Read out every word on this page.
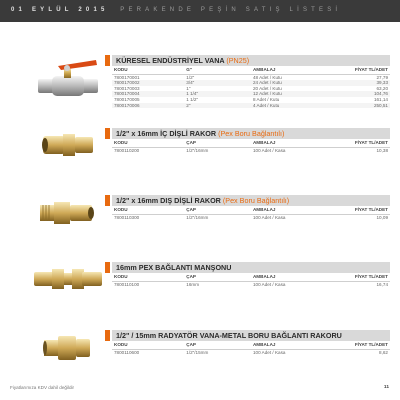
01 EYLÜL 2015 PERAKENDE PEŞİN SATIŞ LİSTESİ
KÜRESEL ENDÜSTRİYEL VANA (PN25)
KODU	G"	AMBALAJ	FİYAT TL/ADET
7800170001	1/2"	48 Adet / Kutu	27,79
7800170002	3/4"	24 Adet / Kutu	39,33
7800170003	1"	20 Adet / Kutu	63,20
7800170004	1 1/4"	12 Adet / Kutu	104,76
7800170005	1 1/2"	8 Adet / Kutu	161,14
7800170006	2"	4 Adet / Kutu	250,51
1/2" x 16mm İÇ DİŞLİ RAKOR (Pex Boru Bağlantılı)
KODU	ÇAP	AMBALAJ	FİYAT TL/ADET
7800110200	1/2"/16mm	100 Adet / Kasa	10,38
1/2" x 16mm DIŞ DİŞLİ RAKOR (Pex Boru Bağlantılı)
KODU	ÇAP	AMBALAJ	FİYAT TL/ADET
7800110300	1/2"/16mm	100 Adet / Kasa	10,09
16mm PEX BAĞLANTI MANŞONU
KODU	ÇAP	AMBALAJ	FİYAT TL/ADET
7800110100	16mm	100 Adet / Kasa	16,74
1/2" / 15mm RADYATÖR VANA-METAL BORU BAĞLANTI RAKORU
KODU	ÇAP	AMBALAJ	FİYAT TL/ADET
7800110600	1/2"/15mm	100 Adet / Kasa	8,62
Fiyatlarımıza KDV dahil değildir	11
